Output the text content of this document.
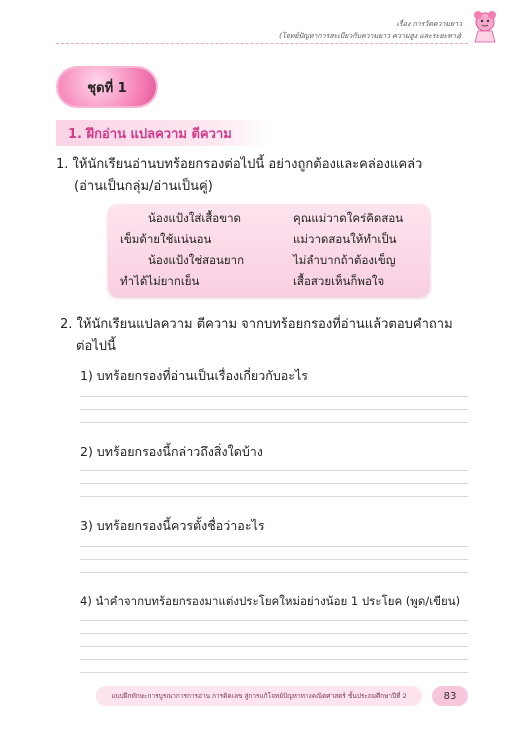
เรื่อง การวัดความยาว
(โจทย์ปัญหาการสะเบียวกับความยาว ความสูง และระยะทาง)
ชุดที่ 1
1. ฝึกอ่าน แปลความ ตีความ
1. ให้นักเรียนอ่านบทร้อยกรองต่อไปนี้ อย่างถูกต้องและคล่องแคล่ว
(อ่านเป็นกลุ่ม/อ่านเป็นคู่)
น้องแป้งใส่เสื้อขาด	คุณแม่วาดใคร่คิดสอน
เข็มด้ายใช้แน่นอน	แม่วาดสอนให้ทำเป็น
น้องแป้งใช่สอนยาก	ไม่ลำบากถ้าต้องเข็ญ
ทำได้ไม่ยากเย็น	เสื้อสวยเห็นก็พอใจ
2. ให้นักเรียนแปลความ ตีความ จากบทร้อยกรองที่อ่านแล้วตอบคำถาม
ต่อไปนี้
1) บทร้อยกรองที่อ่านเป็นเรื่องเกี่ยวกับอะไร
2) บทร้อยกรองนี้กล่าวถึงสิ่งใดบ้าง
3) บทร้อยกรองนี้ควรตั้งชื่อว่าอะไร
4) นำคำจากบทร้อยกรองมาแต่งประโยคใหม่อย่างน้อย 1 ประโยค (พูด/เขียน)
แบบฝึกทักษะการบูรณาการการอ่าน การคิดเลข สู่การแก้โจทย์ปัญหาทางคณิตศาสตร์ ชั้นประถมศึกษาปีที่ 2	83
